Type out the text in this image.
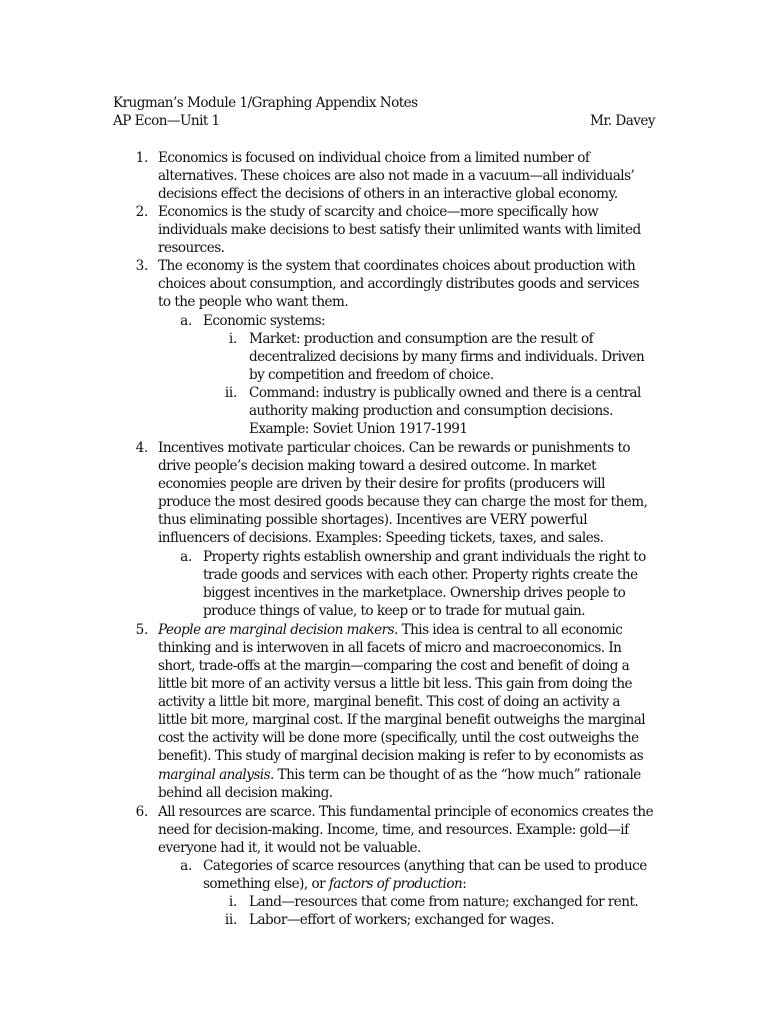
Krugman’s Module 1/Graphing Appendix Notes
AP Econ—Unit 1	Mr. Davey
1. Economics is focused on individual choice from a limited number of
alternatives. These choices are also not made in a vacuum—all individuals’
decisions effect the decisions of others in an interactive global economy.
2. Economics is the study of scarcity and choice—more specifically how
individuals make decisions to best satisfy their unlimited wants with limited
resources.
3. The economy is the system that coordinates choices about production with
choices about consumption, and accordingly distributes goods and services
to the people who want them.
a. Economic systems:
i. Market: production and consumption are the result of
decentralized decisions by many firms and individuals. Driven
by competition and freedom of choice.
ii. Command: industry is publically owned and there is a central
authority making production and consumption decisions.
Example: Soviet Union 1917-1991
4. Incentives motivate particular choices. Can be rewards or punishments to
drive people’s decision making toward a desired outcome. In market
economies people are driven by their desire for profits (producers will
produce the most desired goods because they can charge the most for them,
thus eliminating possible shortages). Incentives are VERY powerful
influencers of decisions. Examples: Speeding tickets, taxes, and sales.
a. Property rights establish ownership and grant individuals the right to
trade goods and services with each other. Property rights create the
biggest incentives in the marketplace. Ownership drives people to
produce things of value, to keep or to trade for mutual gain.
5. People are marginal decision makers. This idea is central to all economic
thinking and is interwoven in all facets of micro and macroeconomics. In
short, trade-offs at the margin—comparing the cost and benefit of doing a
little bit more of an activity versus a little bit less. This gain from doing the
activity a little bit more, marginal benefit. This cost of doing an activity a
little bit more, marginal cost. If the marginal benefit outweighs the marginal
cost the activity will be done more (specifically, until the cost outweighs the
benefit). This study of marginal decision making is refer to by economists as
marginal analysis. This term can be thought of as the “how much” rationale
behind all decision making.
6. All resources are scarce. This fundamental principle of economics creates the
need for decision-making. Income, time, and resources. Example: gold—if
everyone had it, it would not be valuable.
a. Categories of scarce resources (anything that can be used to produce
something else), or factors of production:
i. Land—resources that come from nature; exchanged for rent.
ii. Labor—effort of workers; exchanged for wages.
